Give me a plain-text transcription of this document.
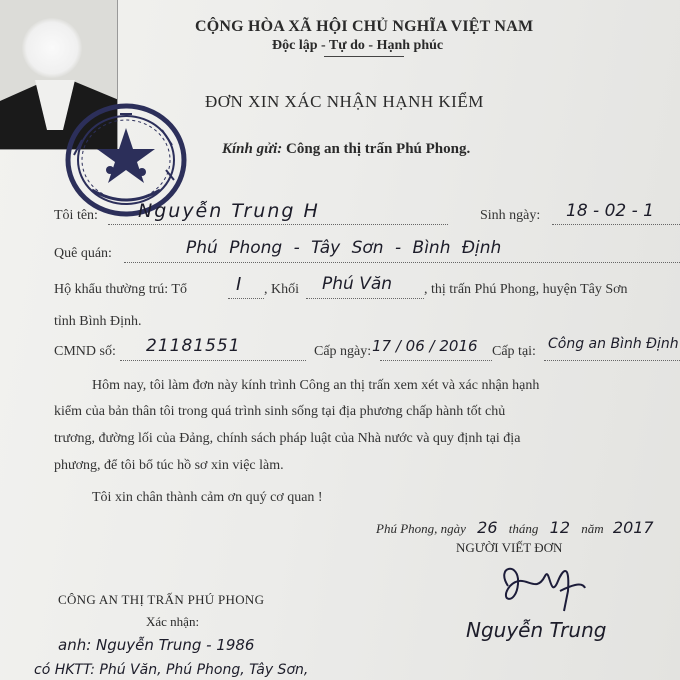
CỘNG HÒA XÃ HỘI CHỦ NGHĨA VIỆT NAM
Độc lập - Tự do - Hạnh phúc
ĐƠN XIN XÁC NHẬN HẠNH KIỂM
Kính gửi: Công an thị trấn Phú Phong.
Tôi tên: Nguyễn Trung H	Sinh ngày: 18 - 02 - 1
Quê quán:	Phú Phong - Tây Sơn - Bình Định
Hộ khẩu thường trú: Tổ	I , Khối Phú Văn , thị trấn Phú Phong, huyện Tây Sơn
tỉnh Bình Định.
CMND số: 21181551	Cấp ngày: 17 / 06 / 2016 Cấp tại: Công an Bình Định
Hôm nay, tôi làm đơn này kính trình Công an thị trấn xem xét và xác nhận hạnh
kiểm của bản thân tôi trong quá trình sinh sống tại địa phương chấp hành tốt chủ
trương, đường lối của Đảng, chính sách pháp luật của Nhà nước và quy định tại địa
phương, để tôi bổ túc hồ sơ xin việc làm.
Tôi xin chân thành cảm ơn quý cơ quan !
Phú Phong, ngày 26 tháng 12 năm 2017
NGƯỜI VIẾT ĐƠN
Nguyễn Trung
CÔNG AN THỊ TRẤN PHÚ PHONG
Xác nhận:
anh: Nguyễn Trung - 1986
có HKTT: Phú Văn, Phú Phong, Tây Sơn,
